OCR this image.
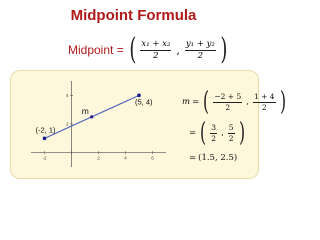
Midpoint Formula
Midpoint = ( $\frac{\text{x₁ + x₂}}{2}$ , $\frac{\text{y₁ + y₂}}{2}$ )
-2	2	4	6
4
2
(-2, 1)
(5, 4)
m
m = ( $\frac{-2 + 5}{2}$ , $\frac{1 + 4}{2}$ )
= ( $\frac{3}{2}$ , $\frac{5}{2}$ )
= (1.5, 2.5)
